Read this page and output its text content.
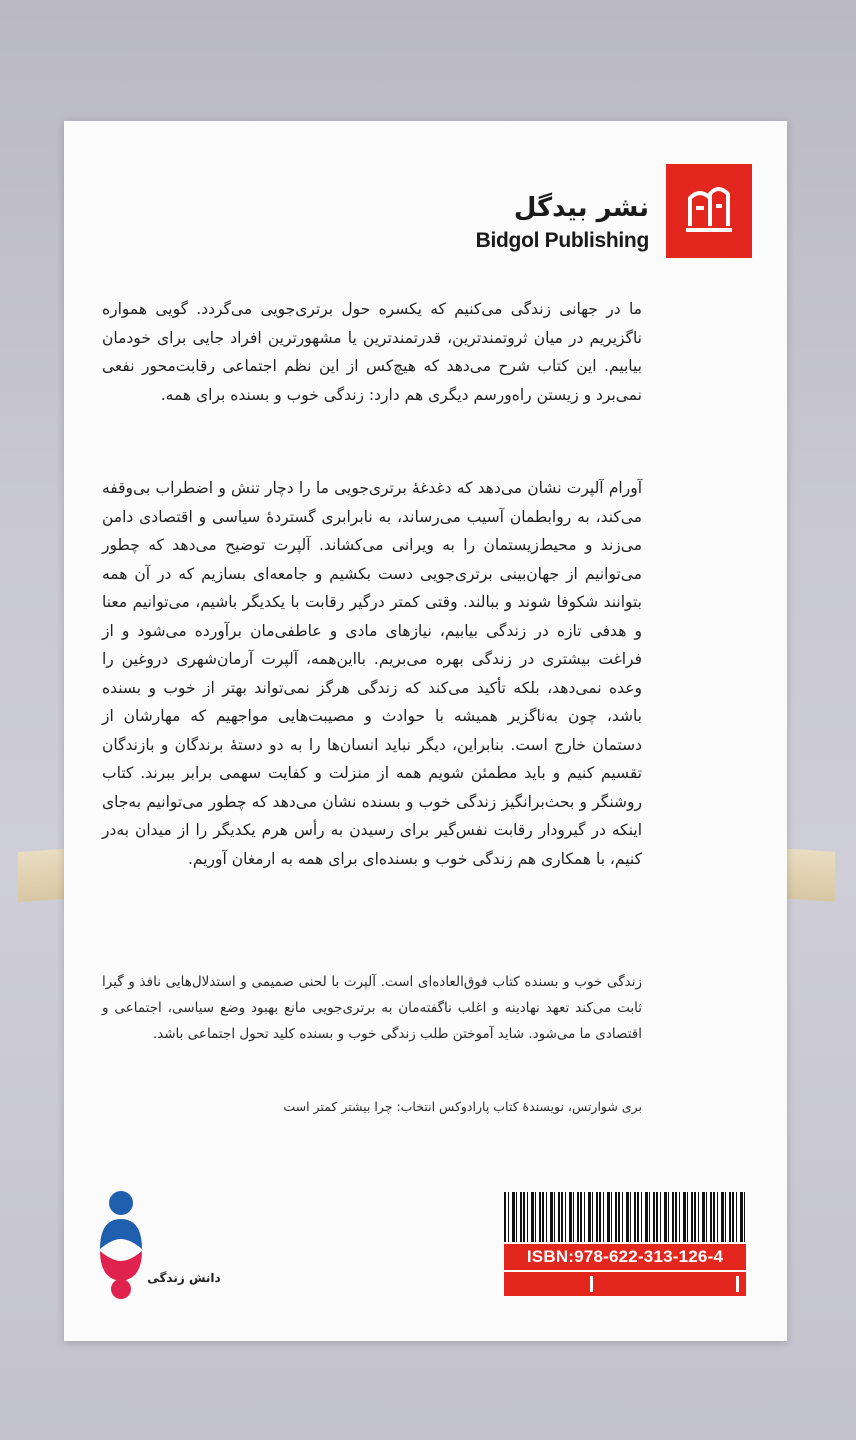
نشر بیدگل
Bidgol Publishing
ما در جهانی زندگی می‌کنیم که یکسره حول برتری‌جویی می‌گردد. گویی همواره ناگزیریم در میان ثروتمندترین، قدرتمندترین یا مشهورترین افراد جایی برای خودمان بیابیم. این کتاب شرح می‌دهد که هیچ‌کس از این نظم اجتماعی رقابت‌محور نفعی نمی‌برد و زیستن راه‌ورسم دیگری هم دارد: زندگی خوب و بسنده برای همه.
آورام آلپرت نشان می‌دهد که دغدغهٔ برتری‌جویی ما را دچار تنش و اضطراب بی‌وقفه می‌کند، به روابطمان آسیب می‌رساند، به نابرابری گستردهٔ سیاسی و اقتصادی دامن می‌زند و محیط‌زیستمان را به ویرانی می‌کشاند. آلپرت توضیح می‌دهد که چطور می‌توانیم از جهان‌بینی برتری‌جویی دست بکشیم و جامعه‌ای بسازیم که در آن همه بتوانند شکوفا شوند و ببالند. وقتی کمتر درگیر رقابت با یکدیگر باشیم، می‌توانیم معنا و هدفی تازه در زندگی بیابیم، نیازهای مادی و عاطفی‌مان برآورده می‌شود و از فراغت بیشتری در زندگی بهره می‌بریم. بااین‌همه، آلپرت آرمان‌شهری دروغین را وعده نمی‌دهد، بلکه تأکید می‌کند که زندگی هرگز نمی‌تواند بهتر از خوب و بسنده باشد، چون به‌ناگزیر همیشه با حوادث و مصیبت‌هایی مواجهیم که مهارشان از دستمان خارج است. بنابراین، دیگر نباید انسان‌ها را به دو دستهٔ برندگان و بازندگان تقسیم کنیم و باید مطمئن شویم همه از منزلت و کفایت سهمی برابر ببرند. کتاب روشنگر و بحث‌برانگیز زندگی خوب و بسنده نشان می‌دهد که چطور می‌توانیم به‌جای اینکه در گیرودار رقابت نفس‌گیر برای رسیدن به رأس هرم یکدیگر را از میدان به‌در کنیم، با همکاری هم زندگی خوب و بسنده‌ای برای همه به ارمغان آوریم.
زندگی خوب و بسنده کتاب فوق‌العاده‌ای است. آلپرت با لحنی صمیمی و استدلال‌هایی نافذ و گیرا ثابت می‌کند تعهد نهادینه و اغلب ناگفته‌مان به برتری‌جویی مانع بهبود وضع سیاسی، اجتماعی و اقتصادی ما می‌شود. شاید آموختن طلب زندگی خوب و بسنده کلید تحول اجتماعی باشد.
بری شوارتس، نویسندهٔ کتاب پارادوکس انتخاب: چرا بیشتر کمتر است
دانش زندگی
ISBN:978-622-313-126-4
